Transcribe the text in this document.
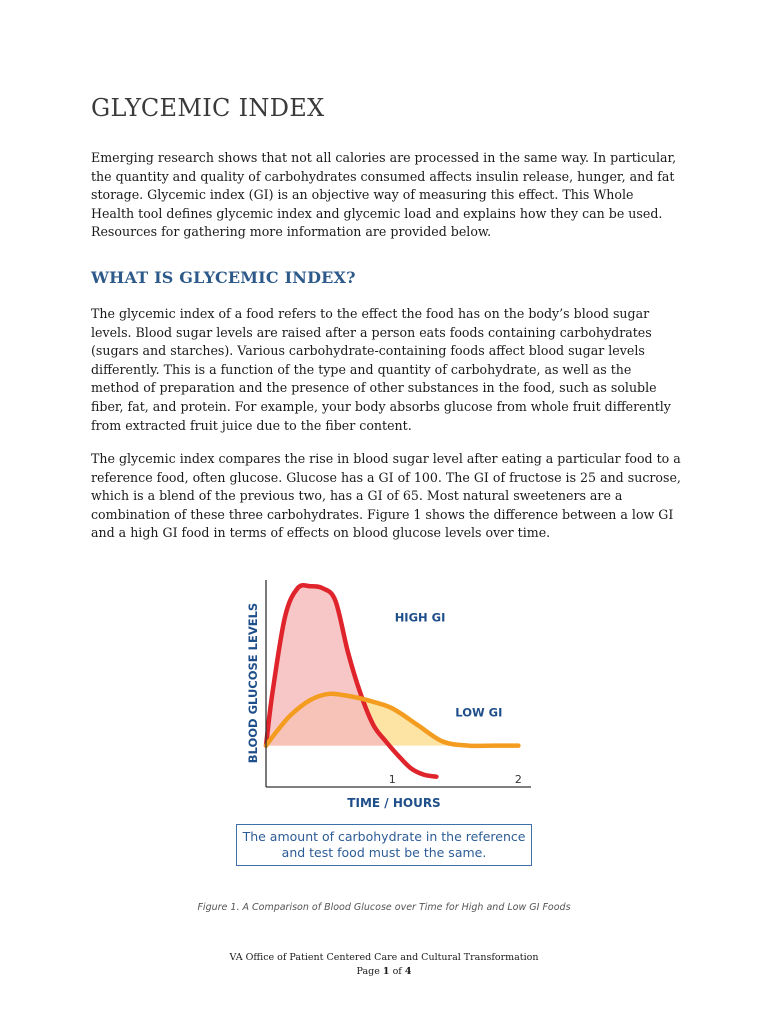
GLYCEMIC INDEX

Emerging research shows that not all calories are processed in the same way. In particular,
the quantity and quality of carbohydrates consumed affects insulin release, hunger, and fat
storage. Glycemic index (GI) is an objective way of measuring this effect. This Whole
Health tool defines glycemic index and glycemic load and explains how they can be used.
Resources for gathering more information are provided below.

WHAT IS GLYCEMIC INDEX?

The glycemic index of a food refers to the effect the food has on the body’s blood sugar
levels. Blood sugar levels are raised after a person eats foods containing carbohydrates
(sugars and starches). Various carbohydrate-containing foods affect blood sugar levels
differently. This is a function of the type and quantity of carbohydrate, as well as the
method of preparation and the presence of other substances in the food, such as soluble
fiber, fat, and protein. For example, your body absorbs glucose from whole fruit differently
from extracted fruit juice due to the fiber content.

The glycemic index compares the rise in blood sugar level after eating a particular food to a
reference food, often glucose. Glucose has a GI of 100. The GI of fructose is 25 and sucrose,
which is a blend of the previous two, has a GI of 65. Most natural sweeteners are a
combination of these three carbohydrates. Figure 1 shows the difference between a low GI
and a high GI food in terms of effects on blood glucose levels over time.

1	2
HIGH GI
LOW GI
BLOOD GLUCOSE LEVELS
TIME / HOURS
The amount of carbohydrate in the reference
and test food must be the same.
Figure 1. A Comparison of Blood Glucose over Time for High and Low GI Foods
VA Office of Patient Centered Care and Cultural Transformation
Page 1 of 4
